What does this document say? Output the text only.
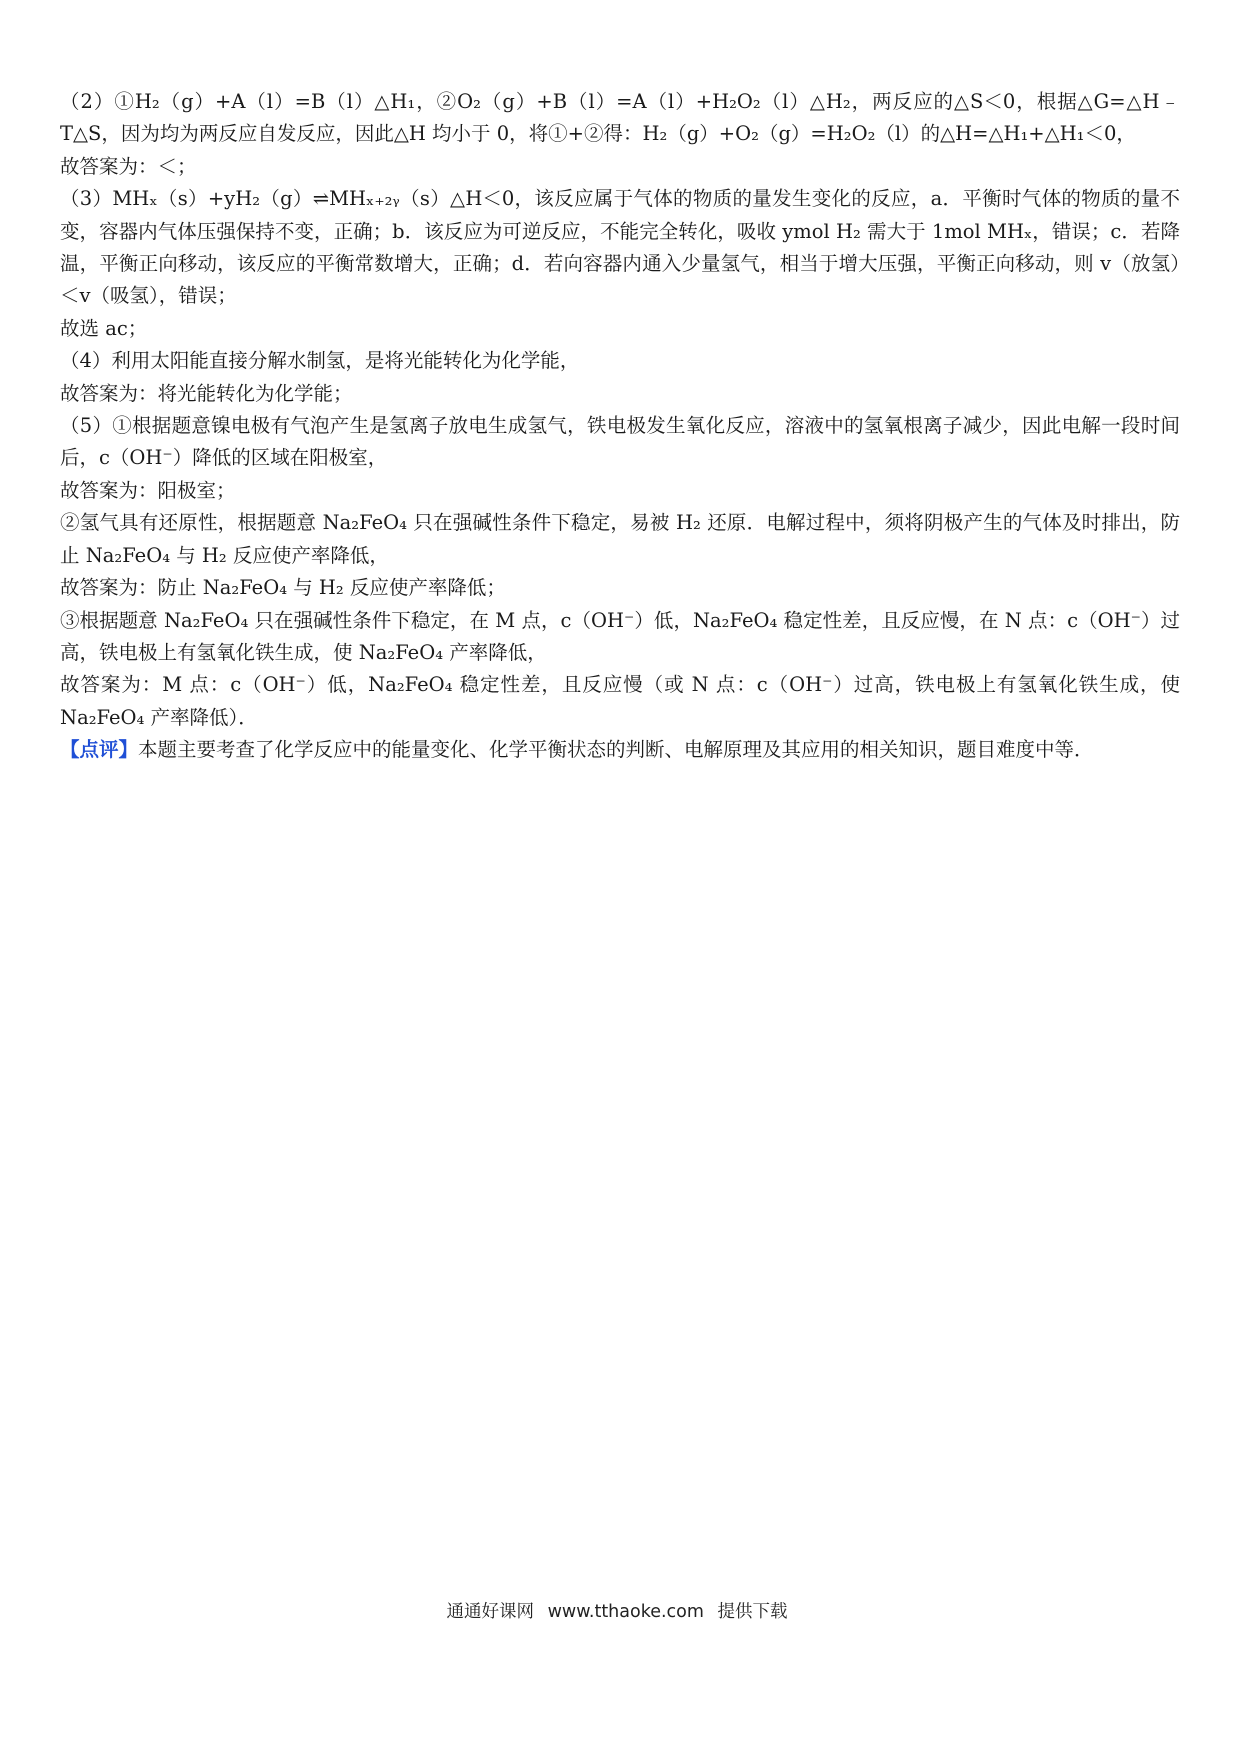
（2）①H₂（g）+A（l）=B（l）△H₁，②O₂（g）+B（l）=A（l）+H₂O₂（l）△H₂，两反应的△S＜0，根据△G=△H﹣T△S，因为均为两反应自发反应，因此△H 均小于 0，将①+②得：H₂（g）+O₂（g）=H₂O₂（l）的△H=△H₁+△H₁＜0，

故答案为：＜；

（3）MHₓ（s）+yH₂（g）⇌MHₓ₊₂ᵧ（s）△H＜0，该反应属于气体的物质的量发生变化的反应，a．平衡时气体的物质的量不变，容器内气体压强保持不变，正确；b．该反应为可逆反应，不能完全转化，吸收 ymol H₂ 需大于 1mol MHₓ，错误；c．若降温，平衡正向移动，该反应的平衡常数增大，正确；d．若向容器内通入少量氢气，相当于增大压强，平衡正向移动，则 v（放氢）＜v（吸氢），错误；

故选 ac；

（4）利用太阳能直接分解水制氢，是将光能转化为化学能，

故答案为：将光能转化为化学能；

（5）①根据题意镍电极有气泡产生是氢离子放电生成氢气，铁电极发生氧化反应，溶液中的氢氧根离子减少，因此电解一段时间后，c（OH⁻）降低的区域在阳极室，

故答案为：阳极室；

②氢气具有还原性，根据题意 Na₂FeO₄ 只在强碱性条件下稳定，易被 H₂ 还原．电解过程中，须将阴极产生的气体及时排出，防止 Na₂FeO₄ 与 H₂ 反应使产率降低，

故答案为：防止 Na₂FeO₄ 与 H₂ 反应使产率降低；

③根据题意 Na₂FeO₄ 只在强碱性条件下稳定，在 M 点，c（OH⁻）低，Na₂FeO₄ 稳定性差，且反应慢，在 N 点：c（OH⁻）过高，铁电极上有氢氧化铁生成，使 Na₂FeO₄ 产率降低，

故答案为：M 点：c（OH⁻）低，Na₂FeO₄ 稳定性差，且反应慢（或 N 点：c（OH⁻）过高，铁电极上有氢氧化铁生成，使 Na₂FeO₄ 产率降低）．

【点评】本题主要考查了化学反应中的能量变化、化学平衡状态的判断、电解原理及其应用的相关知识，题目难度中等．

通通好课网 www.tthaoke.com 提供下载
